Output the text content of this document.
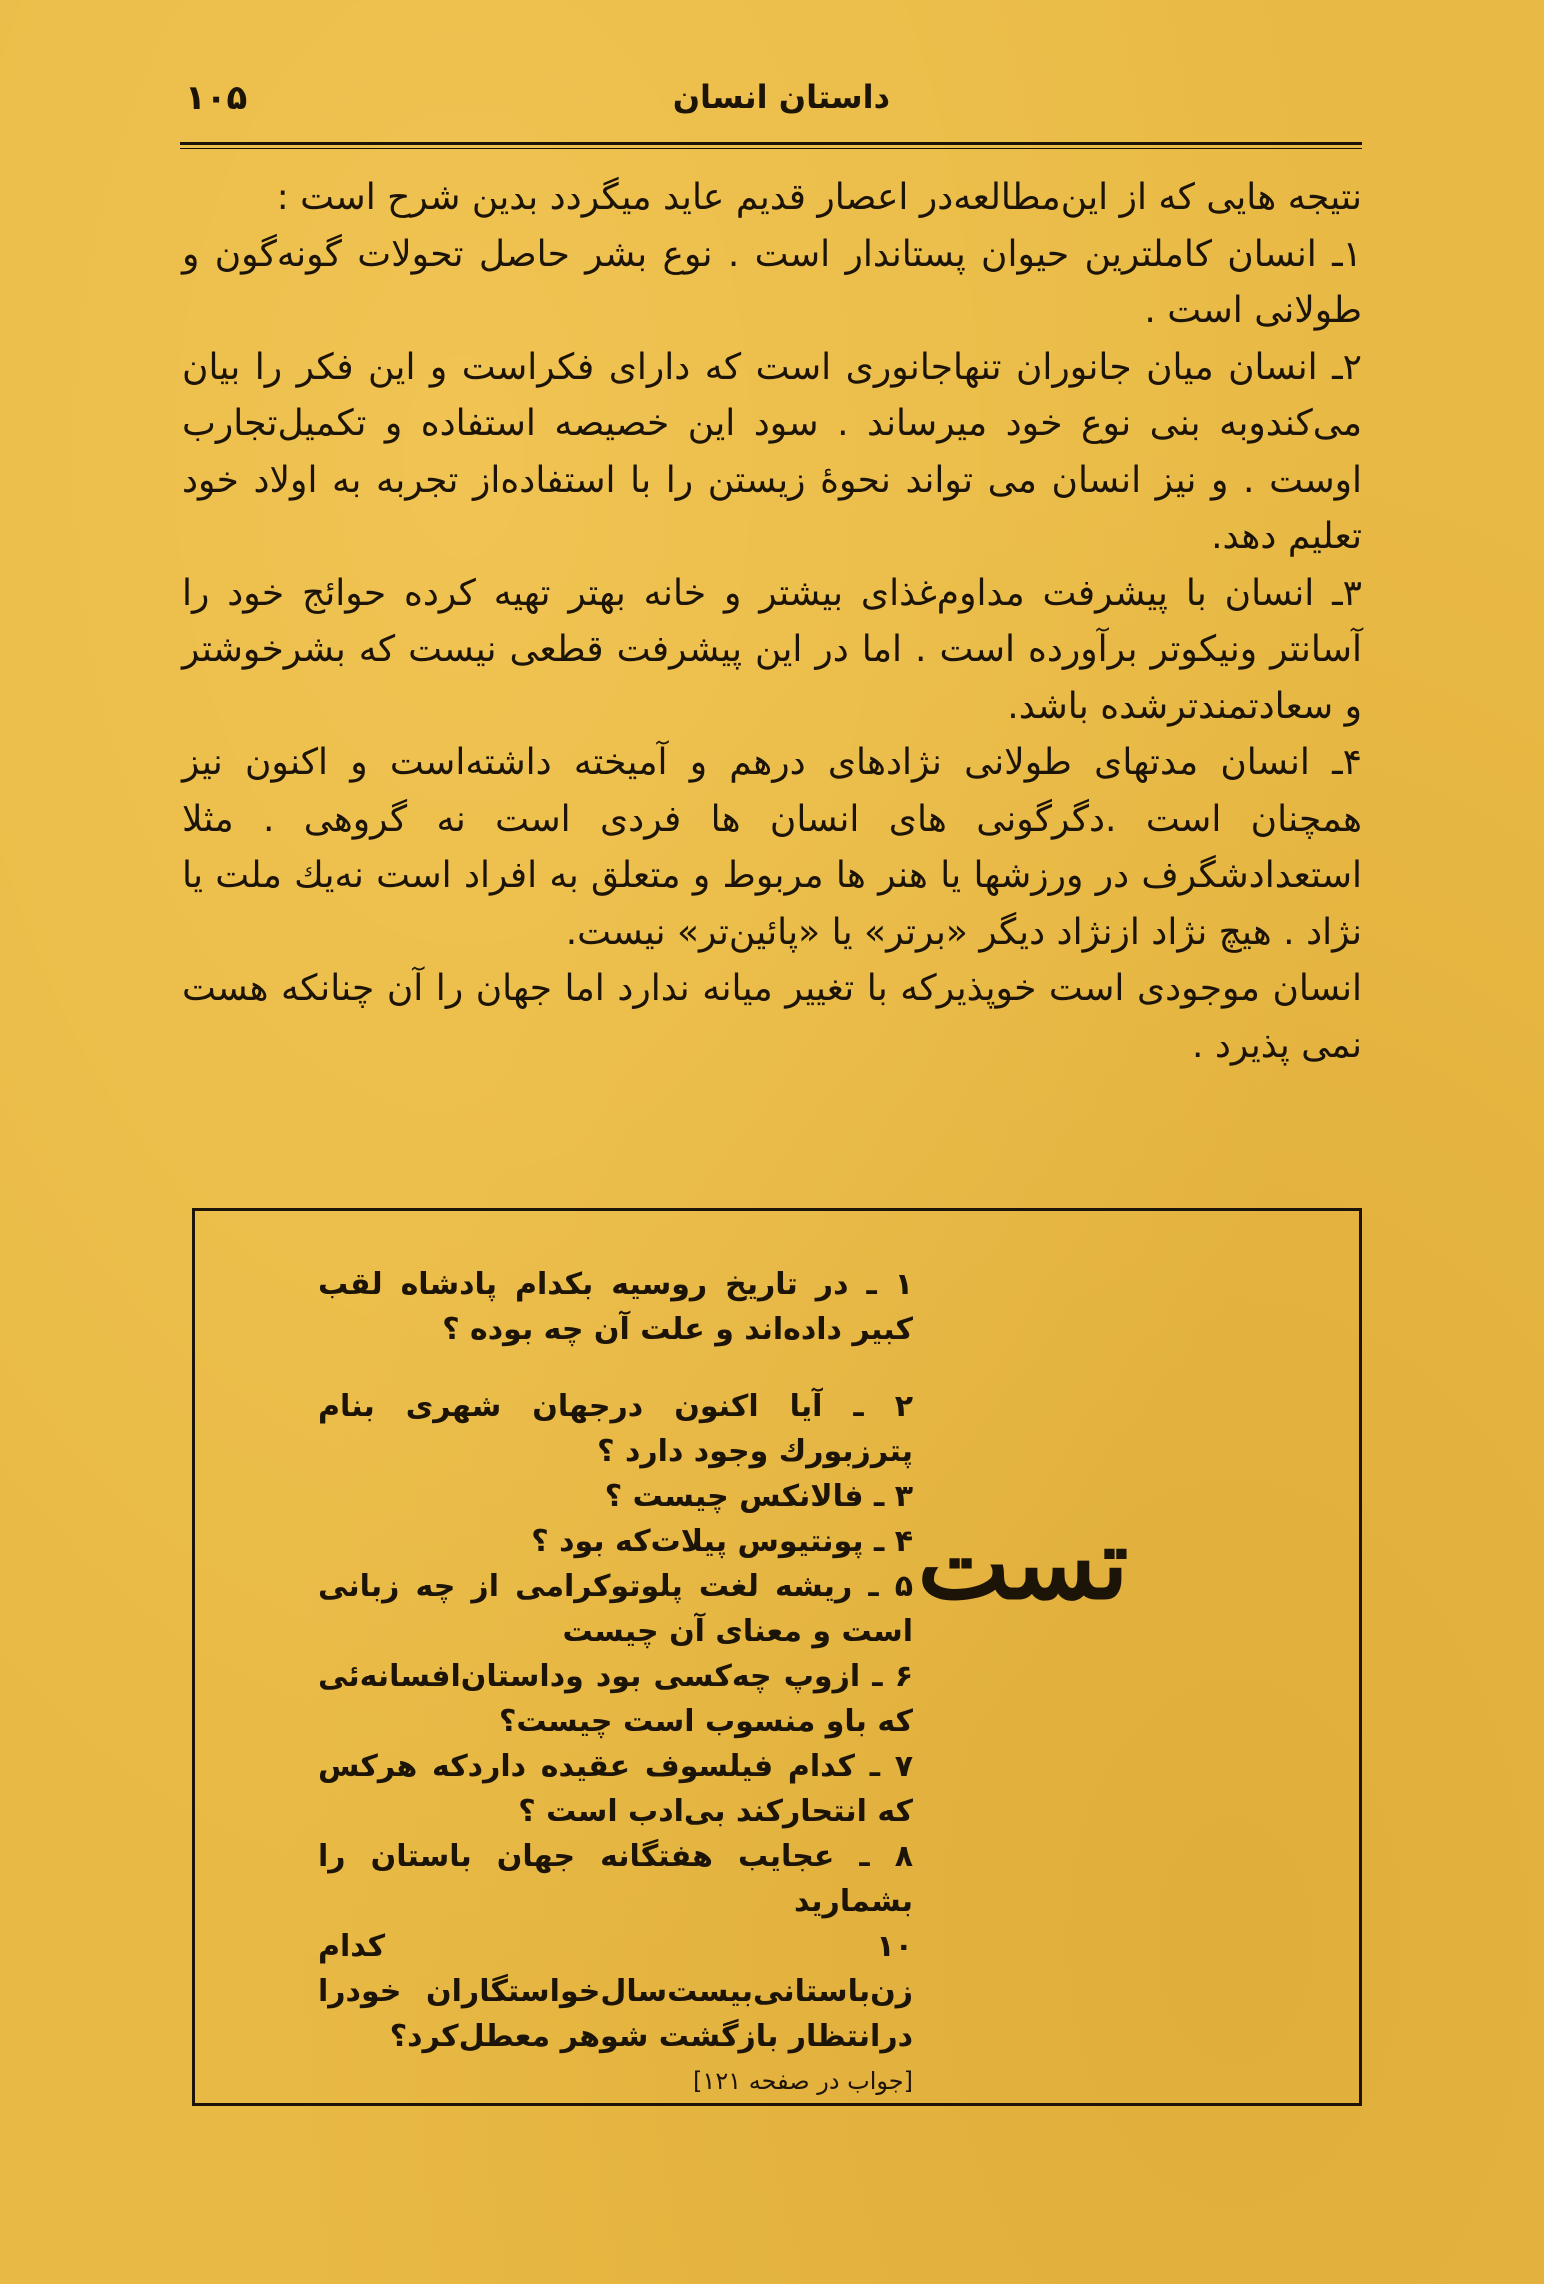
داستان انسان
۱۰۵

نتیجه هایی که از این‌مطالعه‌در اعصار قدیم عاید میگردد بدین شرح است :

۱ـ انسان کاملترین حیوان پستاندار است . نوع بشر حاصل تحولات گونه‌گون و طولانی است .

۲ـ انسان میان جانوران تنهاجانوری است که دارای فکراست و این فکر را بیان می‌کندوبه بنی نوع خود میرساند . سود این خصیصه استفاده و تکمیل‌تجارب اوست . و نیز انسان می تواند نحوهٔ زیستن را با استفاده‌از تجربه به اولاد خود تعلیم دهد.

۳ـ انسان با پیشرفت مداوم‌غذای بیشتر و خانه بهتر تهیه کرده حوائج خود را آسانتر ونیکوتر برآورده است . اما در این پیشرفت قطعی نیست که بشرخوشتر و سعادتمندترشده باشد.

۴ـ انسان مدتهای طولانی نژادهای درهم و آمیخته داشته‌است و اکنون نیز همچنان است .دگرگونی های انسان ها فردی است نه گروهی . مثلا استعدادشگرف در ورزشها یا هنر ها مربوط و متعلق به افراد است نه‌یك ملت یا نژاد . هیچ نژاد ازنژاد دیگر «برتر» یا «پائین‌تر» نیست.

انسان موجودی است خوپذیرکه با تغییر میانه ندارد اما جهان را آن چنانکه هست نمی پذیرد .

تست

۱ ـ در تاریخ روسیه بکدام پادشاه لقب کبیر داده‌اند و علت آن چه بوده ؟

۲ ـ آیا اکنون درجهان شهری بنام پترزبورك وجود دارد ؟

۳ ـ فالانکس چیست ؟

۴ ـ پونتیوس پیلات‌که بود ؟

۵ ـ ریشه لغت پلوتوکرامی از چه زبانی است و معنای آن چیست

۶ ـ ازوپ چه‌کسی بود وداستان‌افسانه‌ئی که باو منسوب است چیست؟

۷ ـ کدام فیلسوف عقیده داردکه هرکس که انتحارکند بی‌ادب است ؟

۸ ـ عجایب هفتگانه جهان باستان را بشمارید

۱۰ کدام زن‌باستانی‌بیست‌سال‌خواستگاران خودرا درانتظار بازگشت شوهر معطل‌کرد؟

[جواب در صفحه ۱۲۱]
